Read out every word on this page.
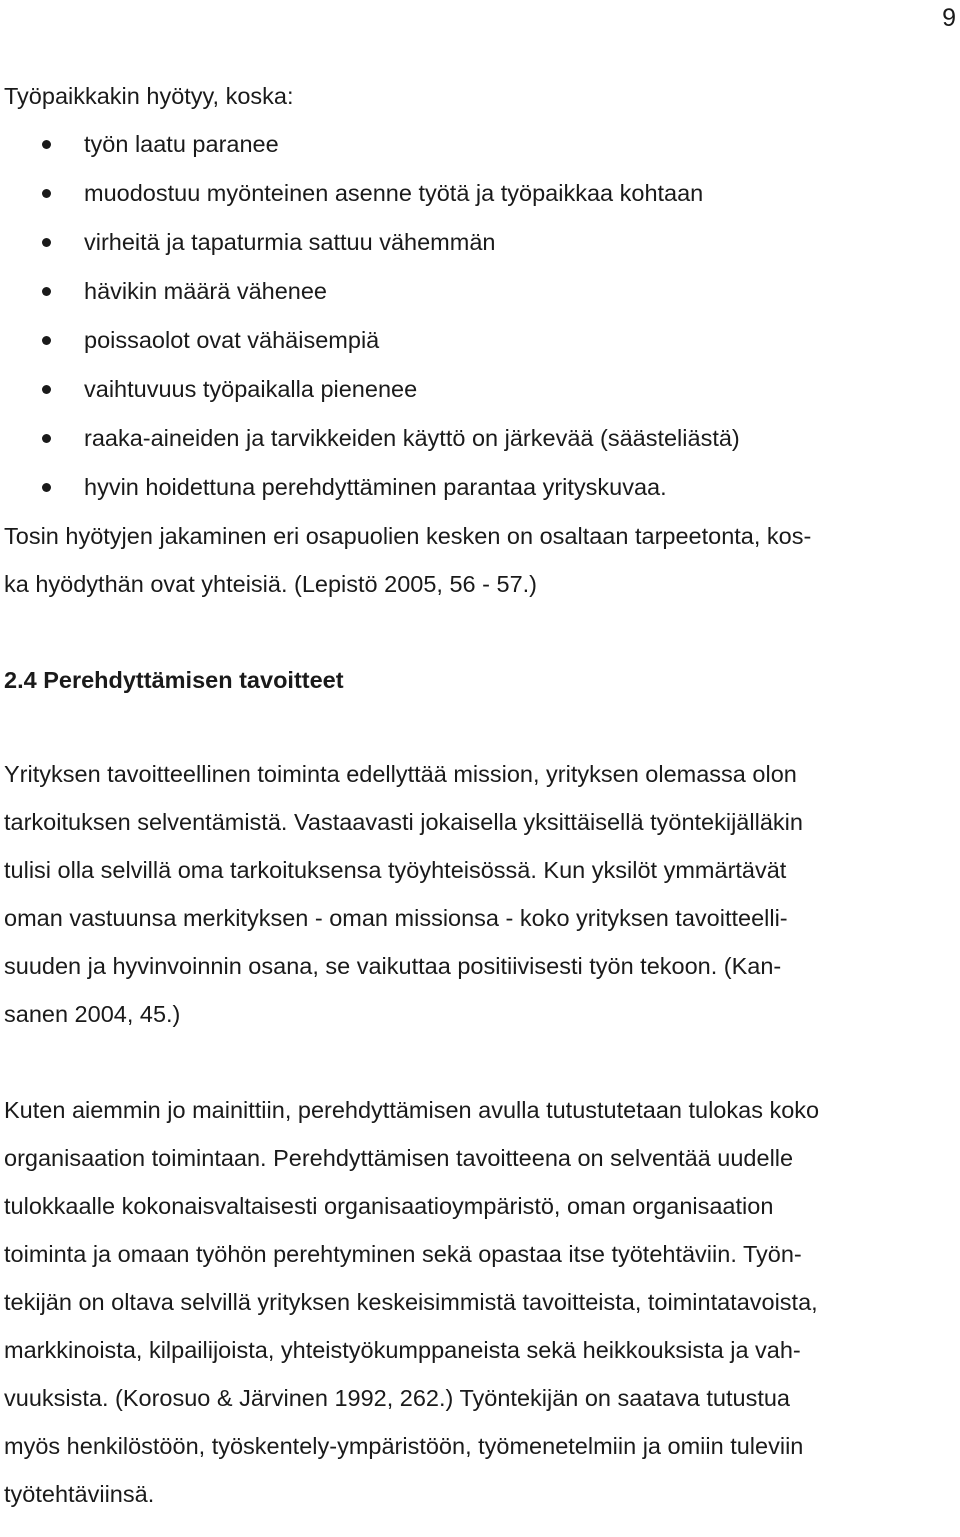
9

Työpaikkakin hyötyy, koska:

työn laatu paranee
muodostuu myönteinen asenne työtä ja työpaikkaa kohtaan
virheitä ja tapaturmia sattuu vähemmän
hävikin määrä vähenee
poissaolot ovat vähäisempiä
vaihtuvuus työpaikalla pienenee
raaka-aineiden ja tarvikkeiden käyttö on järkevää (säästeliästä)
hyvin hoidettuna perehdyttäminen parantaa yrityskuvaa.

Tosin hyötyjen jakaminen eri osapuolien kesken on osaltaan tarpeetonta, kos-
ka hyödythän ovat yhteisiä. (Lepistö 2005, 56 - 57.)

2.4 Perehdyttämisen tavoitteet

Yrityksen tavoitteellinen toiminta edellyttää mission, yrityksen olemassa olon
tarkoituksen selventämistä. Vastaavasti jokaisella yksittäisellä työntekijälläkin
tulisi olla selvillä oma tarkoituksensa työyhteisössä. Kun yksilöt ymmärtävät
oman vastuunsa merkityksen - oman missionsa - koko yrityksen tavoitteelli-
suuden ja hyvinvoinnin osana, se vaikuttaa positiivisesti työn tekoon. (Kan-
sanen 2004, 45.)

Kuten aiemmin jo mainittiin, perehdyttämisen avulla tutustutetaan tulokas koko
organisaation toimintaan. Perehdyttämisen tavoitteena on selventää uudelle
tulokkaalle kokonaisvaltaisesti organisaatioympäristö, oman organisaation
toiminta ja omaan työhön perehtyminen sekä opastaa itse työtehtäviin. Työn-
tekijän on oltava selvillä yrityksen keskeisimmistä tavoitteista, toimintatavoista,
markkinoista, kilpailijoista, yhteistyökumppaneista sekä heikkouksista ja vah-
vuuksista. (Korosuo & Järvinen 1992, 262.) Työntekijän on saatava tutustua
myös henkilöstöön, työskentely-ympäristöön, työmenetelmiin ja omiin tuleviin
työtehtäviinsä.
